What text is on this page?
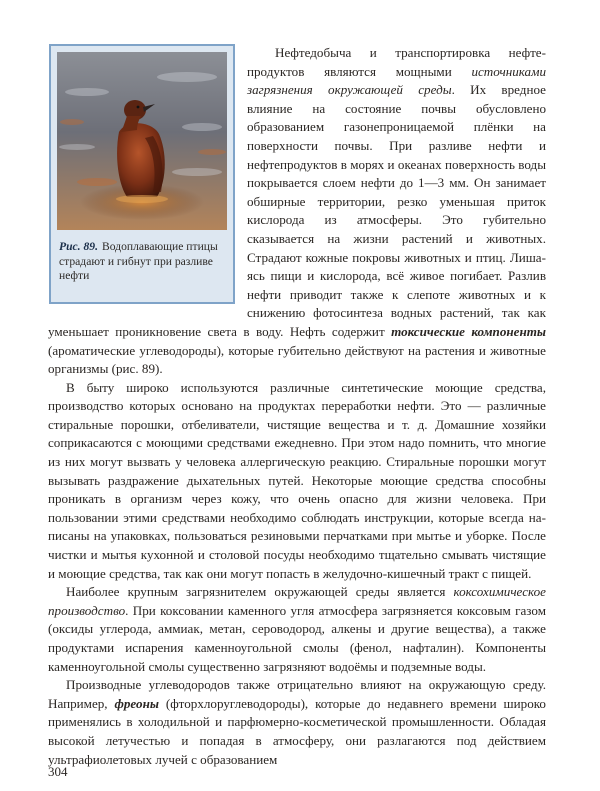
Рис. 89. Водоплавающие птицы страдают и гибнут при разливе нефти

Нефтедобыча и транспортировка нефтепродуктов являются мощными источниками загрязнения окружающей среды. Их вредное влияние на состояние почвы обусловлено образованием газонепроницаемой плёнки на поверхности почвы. При разливе нефти и нефтепродуктов в морях и океанах поверхность воды покрывается слоем нефти до 1—3 мм. Он занимает обширные территории, резко уменьшая приток кислорода из атмосферы. Это губительно сказывается на жизни растений и животных. Страдают кожные покровы животных и птиц. Лишаясь пищи и кислорода, всё живое погибает. Разлив нефти приводит также к слепоте животных и к снижению фотосинтеза водных растений, так как уменьшает проникновение света в воду. Нефть содержит токсические компоненты (ароматические углеводороды), которые губительно действуют на растения и животные организмы (рис. 89).

В быту широко используются различные синтетические моющие средства, производство которых основано на продуктах переработки нефти. Это — различные стиральные порошки, отбеливатели, чистящие вещества и т. д. Домашние хозяйки соприкасаются с моющими средствами ежедневно. При этом надо помнить, что многие из них могут вызвать у человека аллергическую реакцию. Стиральные порошки могут вызывать раздражение дыхательных путей. Некоторые моющие средства способны проникать в организм через кожу, что очень опасно для жизни человека. При пользовании этими средствами необходимо соблюдать инструкции, которые всегда написаны на упаковках, пользоваться резиновыми перчатками при мытье и уборке. После чистки и мытья кухонной и столовой посуды необходимо тщательно смывать чистящие и моющие средства, так как они могут попасть в желудочно-кишечный тракт с пищей.

Наиболее крупным загрязнителем окружающей среды является коксохимическое производство. При коксовании каменного угля атмосфера загрязняется коксовым газом (оксиды углерода, аммиак, метан, сероводород, алкены и другие вещества), а также продуктами испарения каменноугольной смолы (фенол, нафталин). Компоненты каменноугольной смолы существенно загрязняют водоёмы и подземные воды.

Производные углеводородов также отрицательно влияют на окружающую среду. Например, фреоны (фторхлоруглеводороды), которые до недавнего времени широко применялись в холодильной и парфюмерно-косметической промышленности. Обладая высокой летучестью и попадая в атмосферу, они разлагаются под действием ультрафиолетовых лучей с образованием

304
